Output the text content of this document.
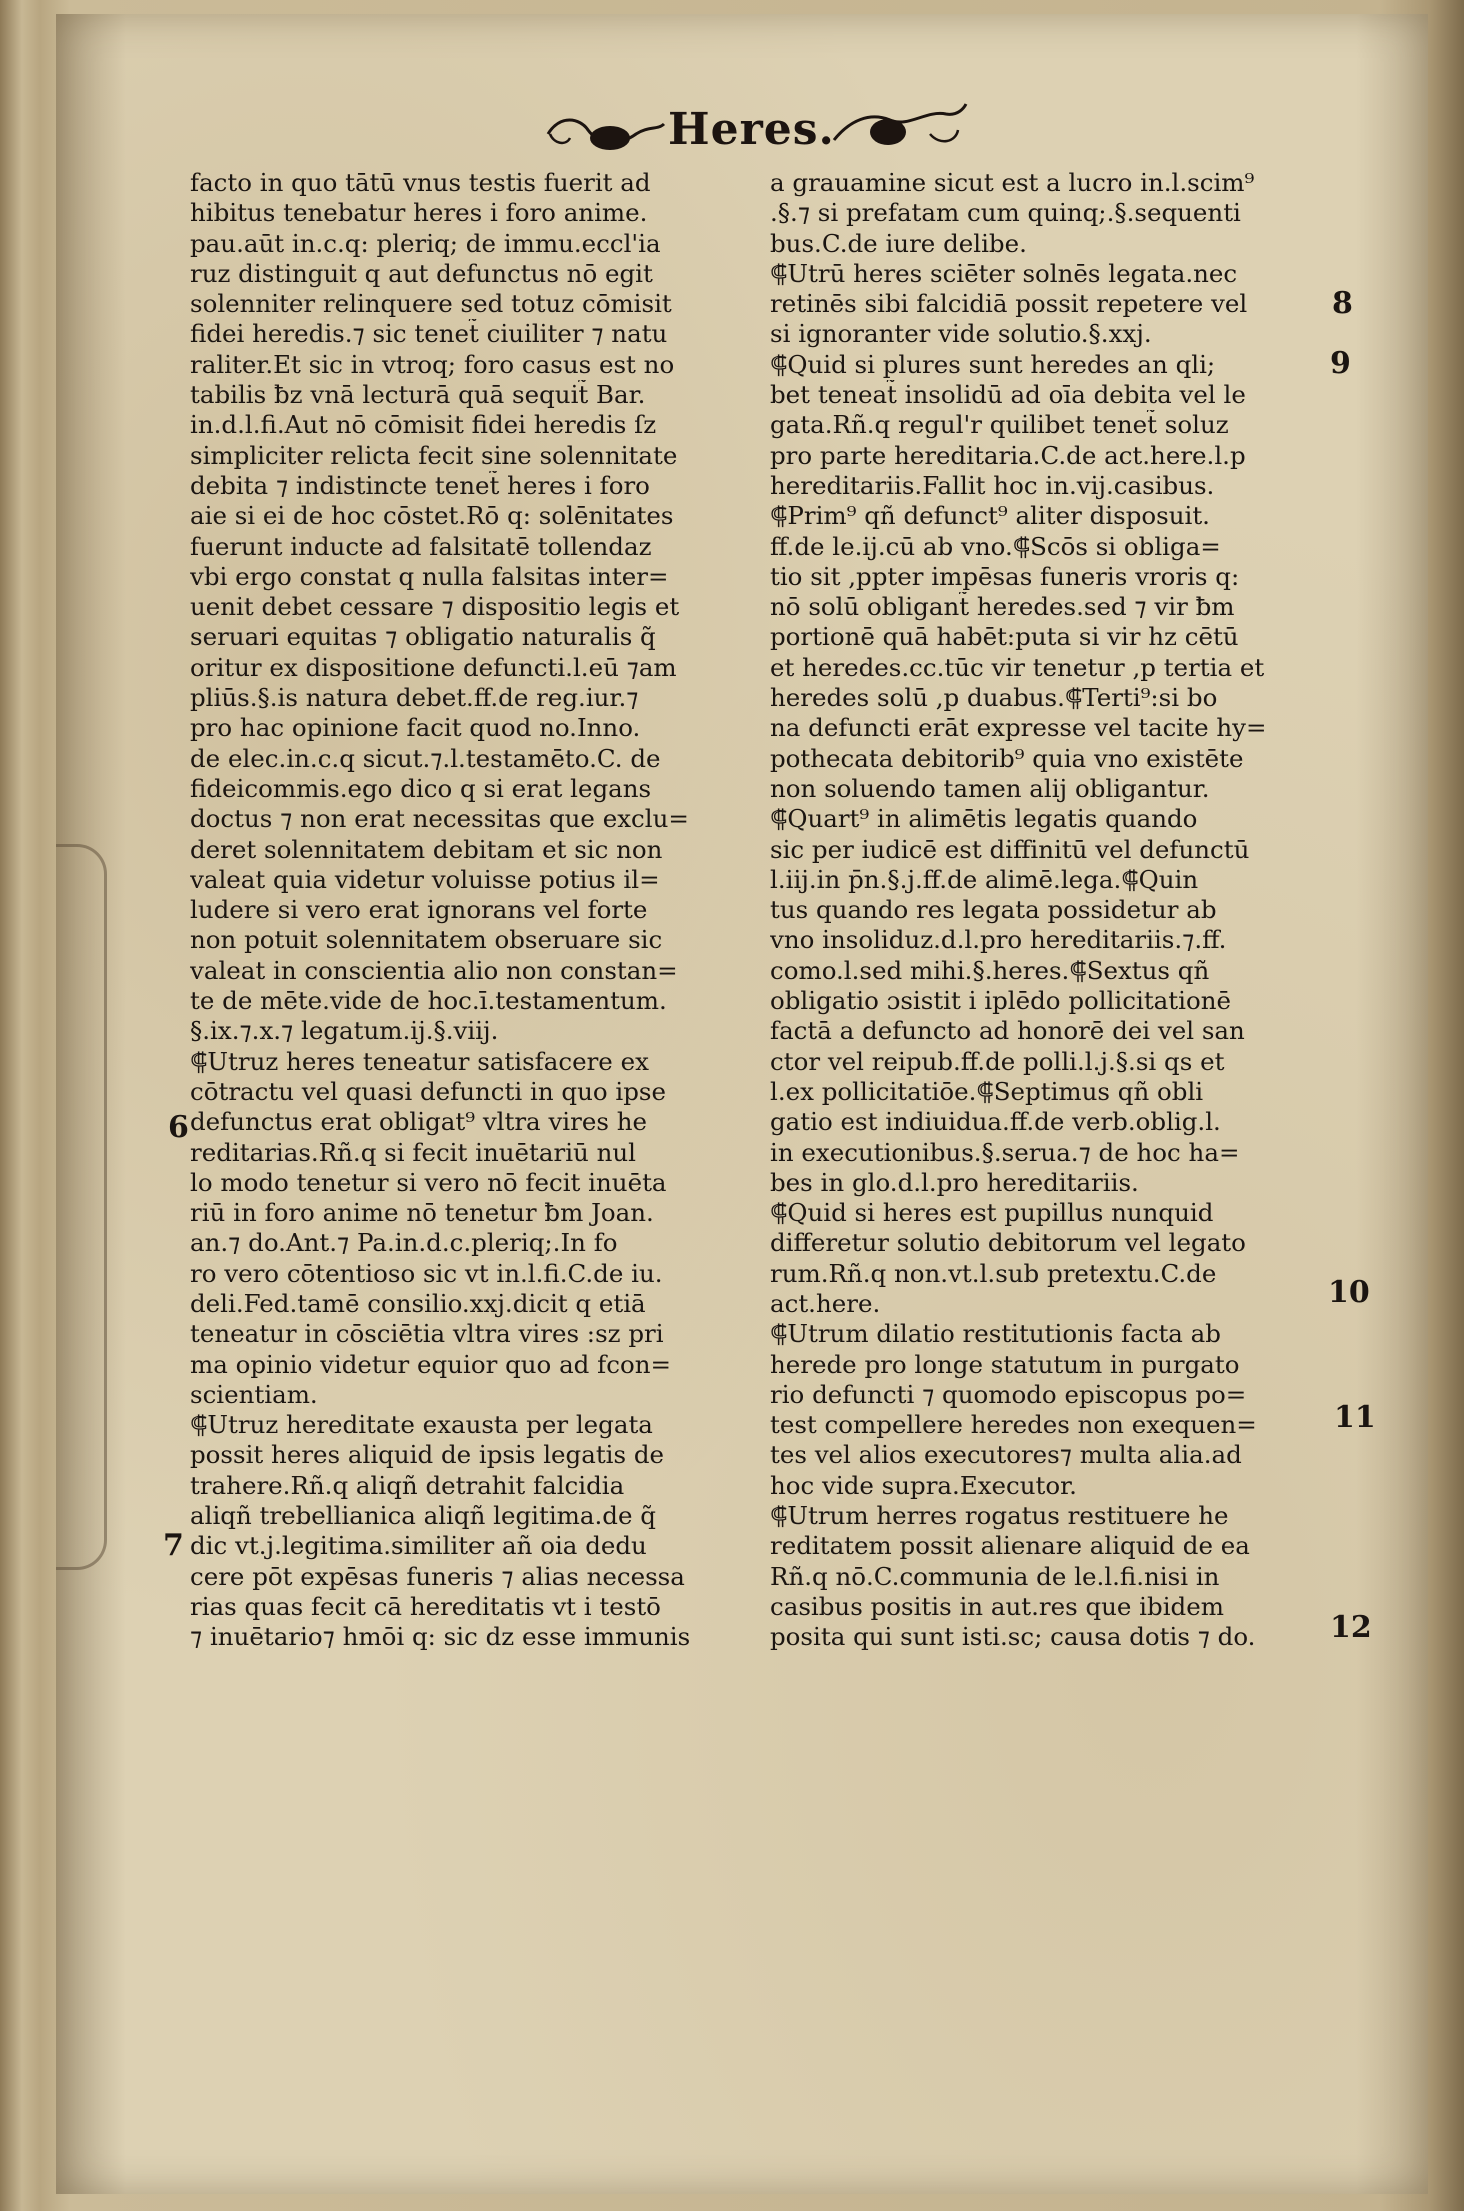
Heres.
facto in quo tātū vnus testis fuerit ad
hibitus tenebatur heres i foro anime.
pau.aūt in.c.q: pleriq; de immu.eccl'ia
ruz distinguit q aut defunctus nō egit
solenniter relinquere sed totuz cōmisit
fidei heredis.⁊ sic tenet̃ ciuiliter ⁊ natu
raliter.Et sic in vtroq; foro casus est no
tabilis ƀz vnā lecturā quā sequit̃ Bar.
in.d.l.fi.Aut nō cōmisit fidei heredis ſz
simpliciter relicta fecit sine solennitate
debita ⁊ indistincte tenet̃ heres i foro
aie si ei de hoc cōstet.Rō q: solēnitates
fuerunt inducte ad falsitatē tollendaz
vbi ergo constat q nulla falsitas inter=
uenit debet cessare ⁊ dispositio legis et
seruari equitas ⁊ obligatio naturalis q̃
oritur ex dispositione defuncti.l.eū ⁊am
pliūs.§.is natura debet.ff.de reg.iur.⁊
pro hac opinione facit quod no.Inno.
de elec.in.c.q sicut.⁊.l.testamēto.C. de
fideicommis.ego dico q si erat legans
doctus ⁊ non erat necessitas que exclu=
deret solennitatem debitam et sic non
valeat quia videtur voluisse potius il=
ludere si vero erat ignorans vel forte
non potuit solennitatem obseruare sic
valeat in conscientia alio non constan=
te de mēte.vide de hoc.ī.testamentum.
§.ix.⁊.x.⁊ legatum.ij.§.viij.
⸿Utruz heres teneatur satisfacere ex
cōtractu vel quasi defuncti in quo ipse
defunctus erat obligat⁹ vltra vires he
reditarias.Rñ.q si fecit inuētariū nul
lo modo tenetur si vero nō fecit inuēta
riū in foro anime nō tenetur ƀm Joan.
an.⁊ do.Ant.⁊ Pa.in.d.c.pleriq;.In fo
ro vero cōtentioso sic vt in.l.fi.C.de iu.
deli.Fed.tamē consilio.xxj.dicit q etiā
teneatur in cōsciētia vltra vires :sz pri
ma opinio videtur equior quo ad fcon=
scientiam.
⸿Utruz hereditate exausta per legata
possit heres aliquid de ipsis legatis de
trahere.Rñ.q aliqñ detrahit falcidia
aliqñ trebellianica aliqñ legitima.de q̃
dic vt.j.legitima.similiter añ oia dedu
cere pōt expēsas funeris ⁊ alias necessa
rias quas fecit cā hereditatis vt i testō
⁊ inuētario⁊ hmōi q: sic dz esse immunis
a grauamine sicut est a lucro in.l.scim⁹
.§.⁊ si prefatam cum quinq;.§.sequenti
bus.C.de iure delibe.
⸿Utrū heres sciēter solnēs legata.nec
retinēs sibi falcidiā possit repetere vel
si ignoranter vide solutio.§.xxj.
⸿Quid si plures sunt heredes an qli;
bet teneat̃ insolidū ad oīa debita vel le
gata.Rñ.q regul'r quilibet tenet̃ soluz
pro parte hereditaria.C.de act.here.l.p
hereditariis.Fallit hoc in.vij.casibus.
⸿Prim⁹ qñ defunct⁹ aliter disposuit.
ff.de le.ij.cū ab vno.⸿Scōs si obliga=
tio sit ,ppter impēsas funeris vroris q:
nō solū obligant̃ heredes.sed ⁊ vir ƀm
portionē quā habēt:puta si vir hz cētū
et heredes.cc.tūc vir tenetur ,p tertia et
heredes solū ,p duabus.⸿Terti⁹:si bo
na defuncti erāt expresse vel tacite hy=
pothecata debitorib⁹ quia vno existēte
non soluendo tamen alij obligantur.
⸿Quart⁹ in alimētis legatis quando
sic per iudicē est diffinitū vel defunctū
l.iij.in p̄n.§.j.ff.de alimē.lega.⸿Quin
tus quando res legata possidetur ab
vno insoliduz.d.l.pro hereditariis.⁊.ff.
como.l.sed mihi.§.heres.⸿Sextus qñ
obligatio ɔsistit i iplēdo pollicitationē
factā a defuncto ad honorē dei vel san
ctor vel reipub.ff.de polli.l.j.§.si qs et
l.ex pollicitatiōe.⸿Septimus qñ obli
gatio est indiuidua.ff.de verb.oblig.l.
in executionibus.§.serua.⁊ de hoc ha=
bes in glo.d.l.pro hereditariis.
⸿Quid si heres est pupillus nunquid
differetur solutio debitorum vel legato
rum.Rñ.q non.vt.l.sub pretextu.C.de
act.here.
⸿Utrum dilatio restitutionis facta ab
herede pro longe statutum in purgato
rio defuncti ⁊ quomodo episcopus po=
test compellere heredes non exequen=
tes vel alios executores⁊ multa alia.ad
hoc vide supra.Executor.
⸿Utrum herres rogatus restituere he
reditatem possit alienare aliquid de ea
Rñ.q nō.C.communia de le.l.fi.nisi in
casibus positis in aut.res que ibidem
posita qui sunt isti.sc; causa dotis ⁊ do.
6
7
8
9
10
11
12
